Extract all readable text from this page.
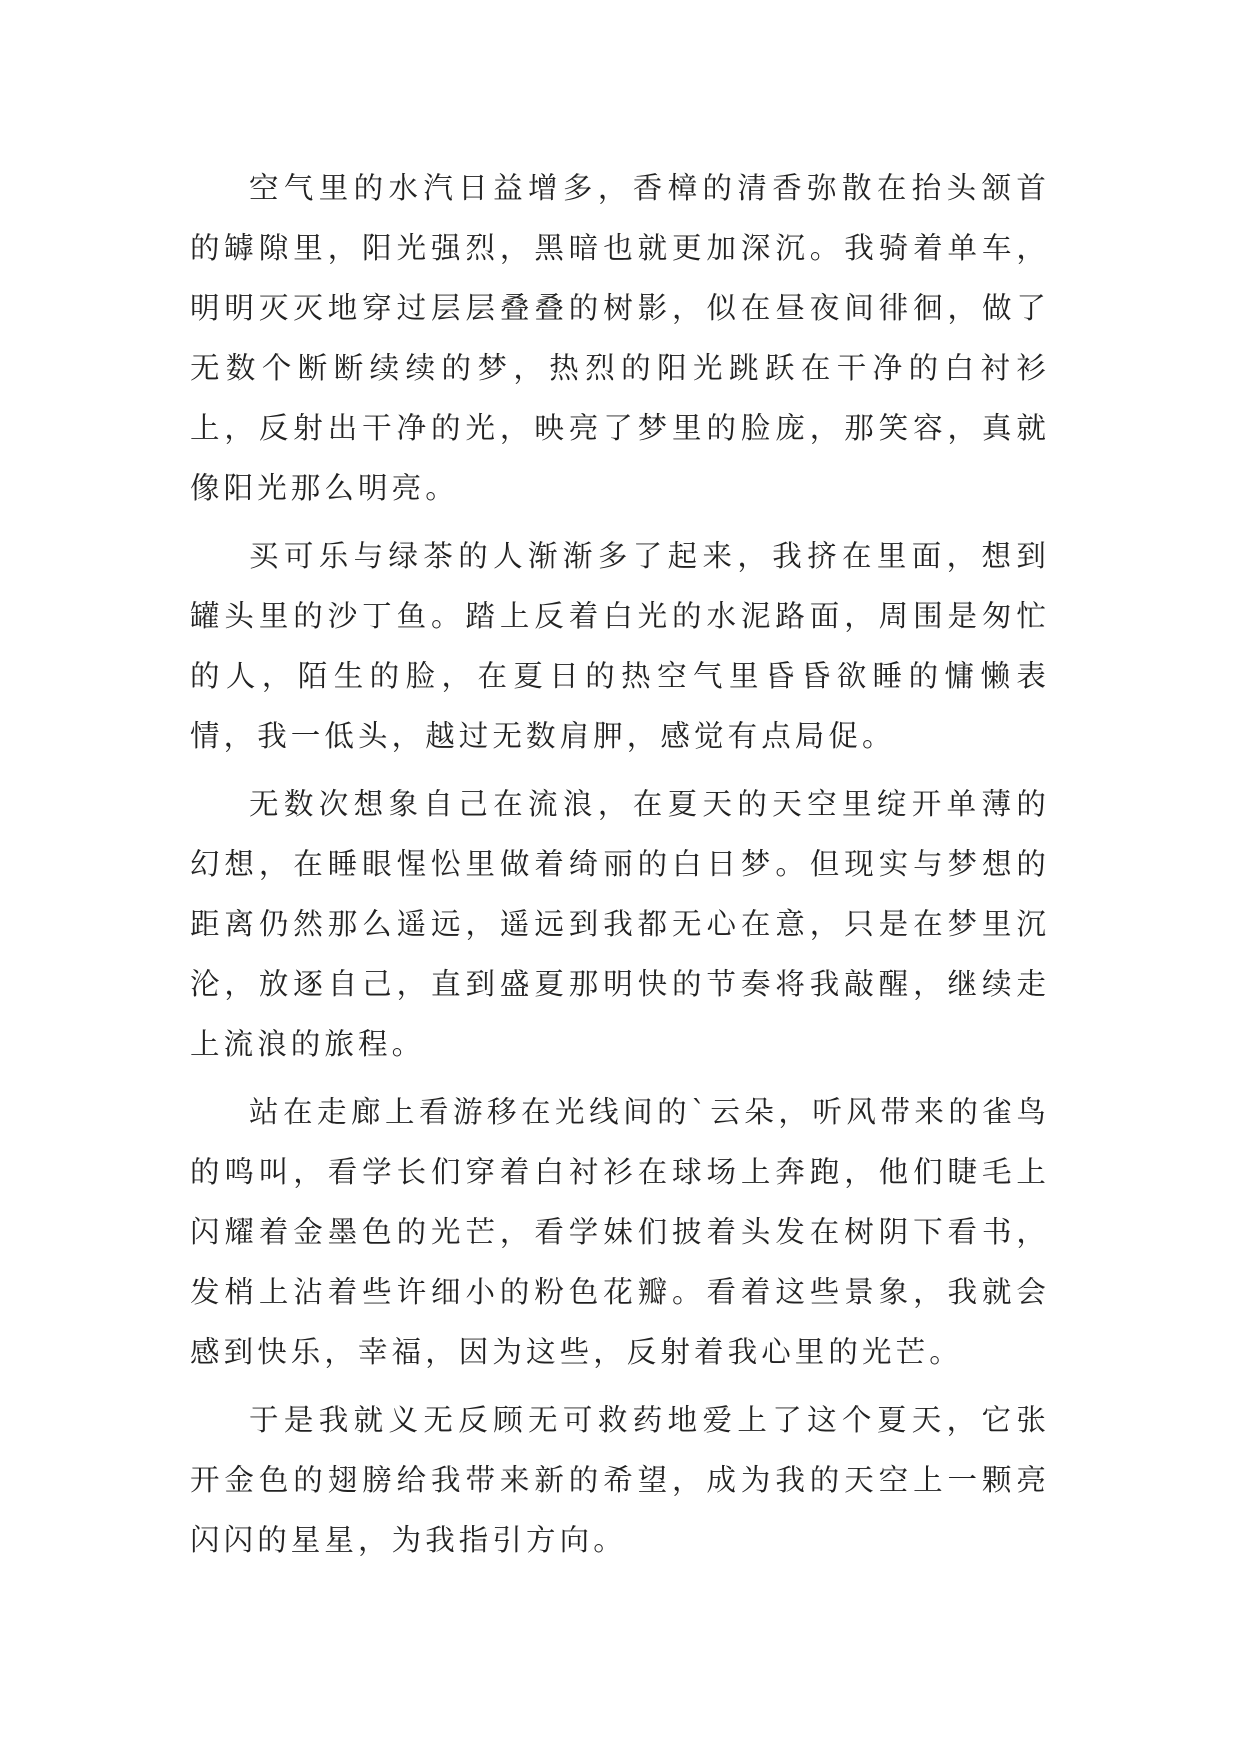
空气里的水汽日益增多，香樟的清香弥散在抬头颔首的罅隙里，阳光强烈，黑暗也就更加深沉。我骑着单车，明明灭灭地穿过层层叠叠的树影，似在昼夜间徘徊，做了无数个断断续续的梦，热烈的阳光跳跃在干净的白衬衫上，反射出干净的光，映亮了梦里的脸庞，那笑容，真就像阳光那么明亮。

买可乐与绿茶的人渐渐多了起来，我挤在里面，想到罐头里的沙丁鱼。踏上反着白光的水泥路面，周围是匆忙的人，陌生的脸，在夏日的热空气里昏昏欲睡的慵懒表情，我一低头，越过无数肩胛，感觉有点局促。

无数次想象自己在流浪，在夏天的天空里绽开单薄的幻想，在睡眼惺忪里做着绮丽的白日梦。但现实与梦想的距离仍然那么遥远，遥远到我都无心在意，只是在梦里沉沦，放逐自己，直到盛夏那明快的节奏将我敲醒，继续走上流浪的旅程。

站在走廊上看游移在光线间的`云朵，听风带来的雀鸟的鸣叫，看学长们穿着白衬衫在球场上奔跑，他们睫毛上闪耀着金墨色的光芒，看学妹们披着头发在树阴下看书，发梢上沾着些许细小的粉色花瓣。看着这些景象，我就会感到快乐，幸福，因为这些，反射着我心里的光芒。

于是我就义无反顾无可救药地爱上了这个夏天，它张开金色的翅膀给我带来新的希望，成为我的天空上一颗亮闪闪的星星，为我指引方向。
